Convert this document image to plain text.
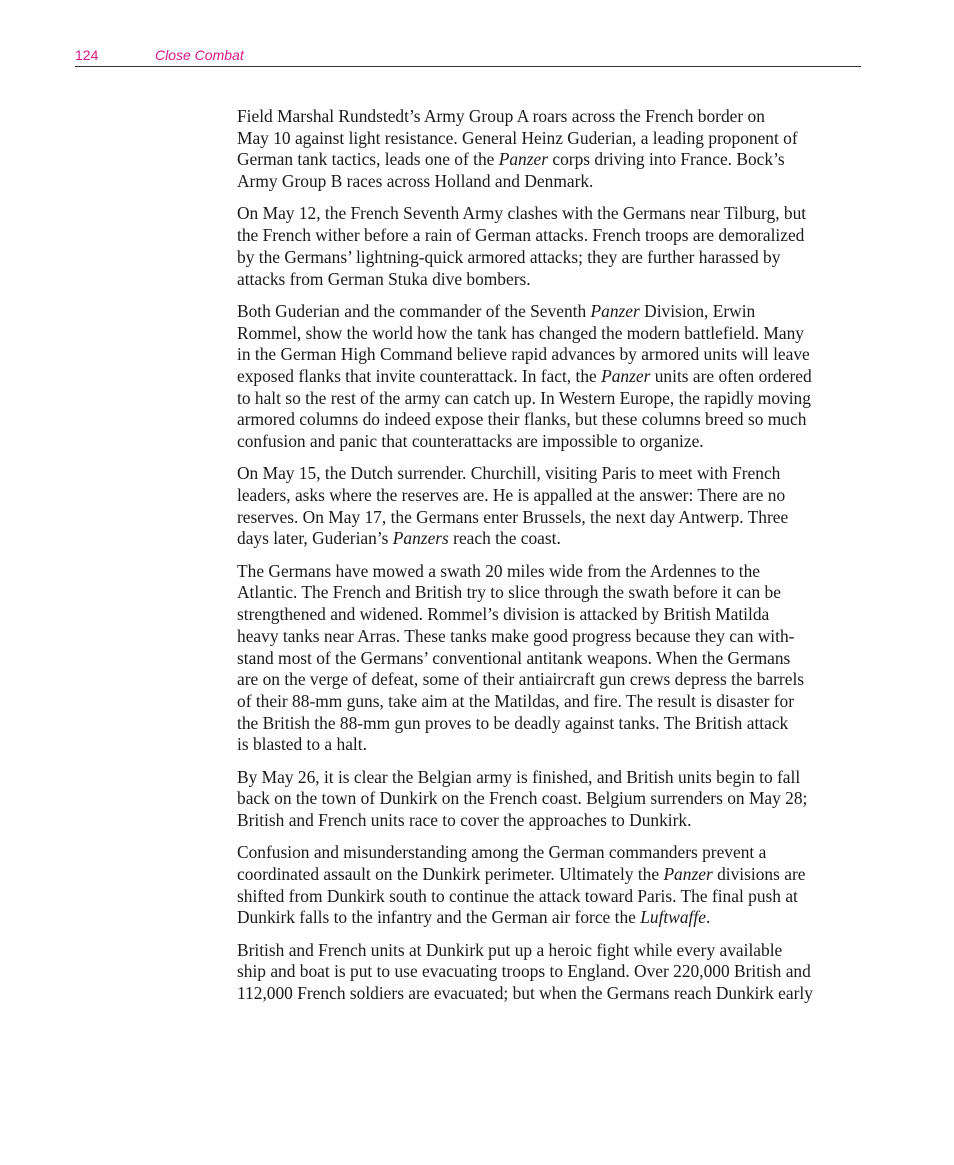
124	Close Combat

Field Marshal Rundstedt’s Army Group A roars across the French border on
May 10 against light resistance. General Heinz Guderian, a leading proponent of
German tank tactics, leads one of the Panzer corps driving into France. Bock’s
Army Group B races across Holland and Denmark.

On May 12, the French Seventh Army clashes with the Germans near Tilburg, but
the French wither before a rain of German attacks. French troops are demoralized
by the Germans’ lightning-quick armored attacks; they are further harassed by
attacks from German Stuka dive bombers.

Both Guderian and the commander of the Seventh Panzer Division, Erwin
Rommel, show the world how the tank has changed the modern battlefield. Many
in the German High Command believe rapid advances by armored units will leave
exposed flanks that invite counterattack. In fact, the Panzer units are often ordered
to halt so the rest of the army can catch up. In Western Europe, the rapidly moving
armored columns do indeed expose their flanks, but these columns breed so much
confusion and panic that counterattacks are impossible to organize.

On May 15, the Dutch surrender. Churchill, visiting Paris to meet with French
leaders, asks where the reserves are. He is appalled at the answer: There are no
reserves. On May 17, the Germans enter Brussels, the next day Antwerp. Three
days later, Guderian’s Panzers reach the coast.

The Germans have mowed a swath 20 miles wide from the Ardennes to the
Atlantic. The French and British try to slice through the swath before it can be
strengthened and widened. Rommel’s division is attacked by British Matilda
heavy tanks near Arras. These tanks make good progress because they can with-
stand most of the Germans’ conventional antitank weapons. When the Germans
are on the verge of defeat, some of their antiaircraft gun crews depress the barrels
of their 88-mm guns, take aim at the Matildas, and fire. The result is disaster for
the British the 88-mm gun proves to be deadly against tanks. The British attack
is blasted to a halt.

By May 26, it is clear the Belgian army is finished, and British units begin to fall
back on the town of Dunkirk on the French coast. Belgium surrenders on May 28;
British and French units race to cover the approaches to Dunkirk.

Confusion and misunderstanding among the German commanders prevent a
coordinated assault on the Dunkirk perimeter. Ultimately the Panzer divisions are
shifted from Dunkirk south to continue the attack toward Paris. The final push at
Dunkirk falls to the infantry and the German air force the Luftwaffe.

British and French units at Dunkirk put up a heroic fight while every available
ship and boat is put to use evacuating troops to England. Over 220,000 British and
112,000 French soldiers are evacuated; but when the Germans reach Dunkirk early
